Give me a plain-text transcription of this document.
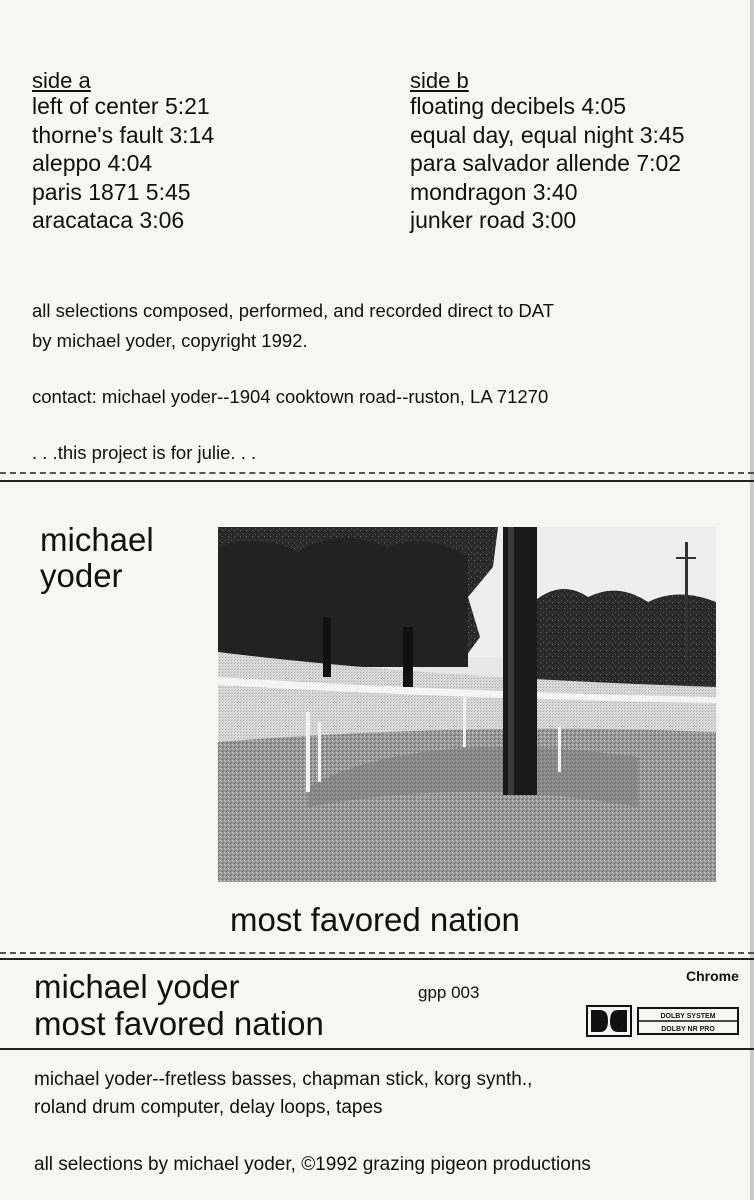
side a
left of center 5:21
thorne's fault 3:14
aleppo 4:04
paris 1871 5:45
aracataca 3:06
side b
floating decibels 4:05
equal day, equal night 3:45
para salvador allende 7:02
mondragon 3:40
junker road 3:00
all selections composed, performed, and recorded direct to DAT
by michael yoder, copyright 1992.
contact: michael yoder--1904 cooktown road--ruston, LA 71270
. . .this project is for julie. . .
michael
yoder
most favored nation
michael yoder
most favored nation
gpp 003
Chrome
DOLBY SYSTEM
DOLBY NR PRO
michael yoder--fretless basses, chapman stick, korg synth.,
roland drum computer, delay loops, tapes
all selections by michael yoder, ©1992 grazing pigeon productions
